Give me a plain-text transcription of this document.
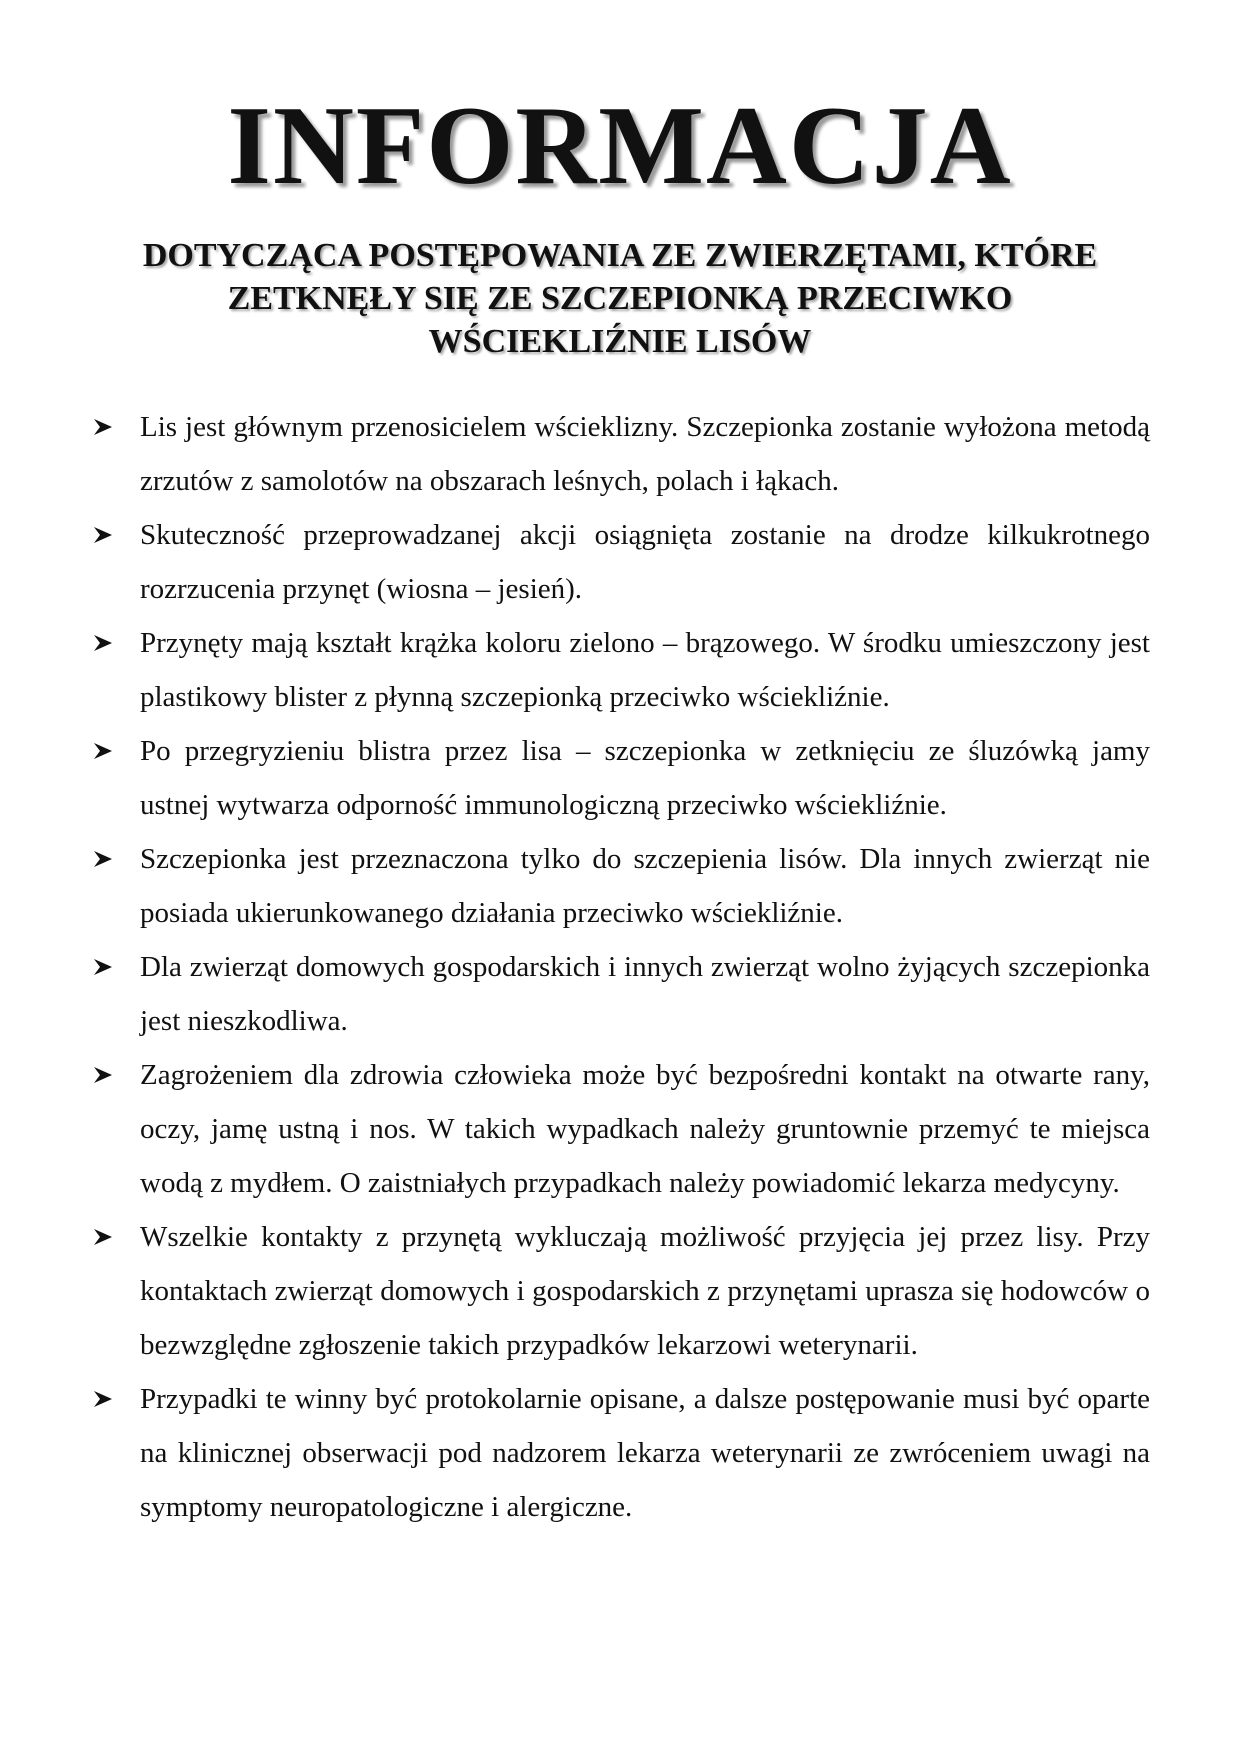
INFORMACJA
DOTYCZĄCA POSTĘPOWANIA ZE ZWIERZĘTAMI, KTÓRE
ZETKNĘŁY SIĘ ZE SZCZEPIONKĄ PRZECIWKO
WŚCIEKLIŹNIE LISÓW
Lis jest głównym przenosicielem wścieklizny. Szczepionka zostanie wyłożona metodą zrzutów z samolotów na obszarach leśnych, polach i łąkach.
Skuteczność przeprowadzanej akcji osiągnięta zostanie na drodze kilkukrotnego rozrzucenia przynęt (wiosna – jesień).
Przynęty mają kształt krążka koloru zielono – brązowego. W środku umieszczony jest plastikowy blister z płynną szczepionką przeciwko wściekliźnie.
Po przegryzieniu blistra przez lisa – szczepionka w zetknięciu ze śluzówką jamy ustnej wytwarza odporność immunologiczną przeciwko wściekliźnie.
Szczepionka jest przeznaczona tylko do szczepienia lisów. Dla innych zwierząt nie posiada ukierunkowanego działania przeciwko wściekliźnie.
Dla zwierząt domowych gospodarskich i innych zwierząt wolno żyjących szczepionka jest nieszkodliwa.
Zagrożeniem dla zdrowia człowieka może być bezpośredni kontakt na otwarte rany, oczy, jamę ustną i nos. W takich wypadkach należy gruntownie przemyć te miejsca wodą z mydłem. O zaistniałych przypadkach należy powiadomić lekarza medycyny.
Wszelkie kontakty z przynętą wykluczają możliwość przyjęcia jej przez lisy. Przy kontaktach zwierząt domowych i gospodarskich z przynętami uprasza się hodowców o bezwzględne zgłoszenie takich przypadków lekarzowi weterynarii.
Przypadki te winny być protokolarnie opisane, a dalsze postępowanie musi być oparte na klinicznej obserwacji pod nadzorem lekarza weterynarii ze zwróceniem uwagi na symptomy neuropatologiczne i alergiczne.
